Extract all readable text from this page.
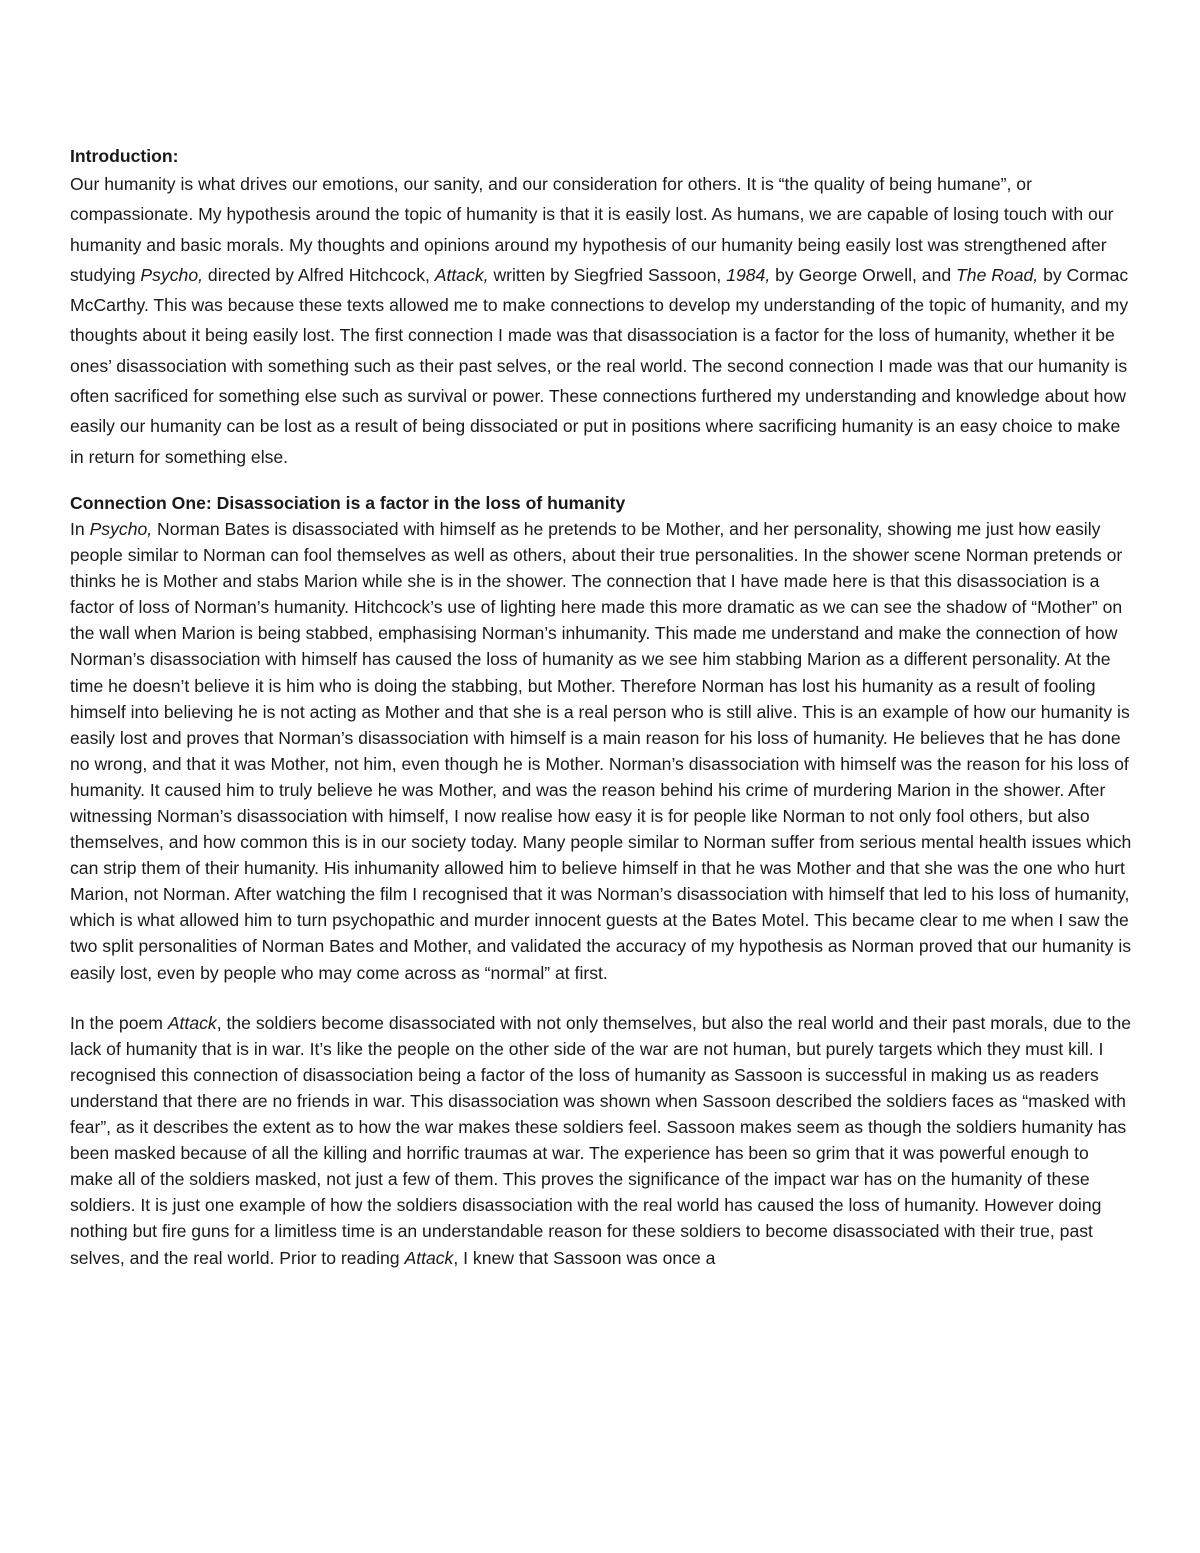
Introduction:

Our humanity is what drives our emotions, our sanity, and our consideration for others. It is “the quality of being humane”, or compassionate. My hypothesis around the topic of humanity is that it is easily lost. As humans, we are capable of losing touch with our humanity and basic morals. My thoughts and opinions around my hypothesis of our humanity being easily lost was strengthened after studying Psycho, directed by Alfred Hitchcock, Attack, written by Siegfried Sassoon, 1984, by George Orwell, and The Road, by Cormac McCarthy. This was because these texts allowed me to make connections to develop my understanding of the topic of humanity, and my thoughts about it being easily lost. The first connection I made was that disassociation is a factor for the loss of humanity, whether it be ones’ disassociation with something such as their past selves, or the real world. The second connection I made was that our humanity is often sacrificed for something else such as survival or power. These connections furthered my understanding and knowledge about how easily our humanity can be lost as a result of being dissociated or put in positions where sacrificing humanity is an easy choice to make in return for something else.

Connection One: Disassociation is a factor in the loss of humanity

In Psycho, Norman Bates is disassociated with himself as he pretends to be Mother, and her personality, showing me just how easily people similar to Norman can fool themselves as well as others, about their true personalities. In the shower scene Norman pretends or thinks he is Mother and stabs Marion while she is in the shower. The connection that I have made here is that this disassociation is a factor of loss of Norman’s humanity. Hitchcock’s use of lighting here made this more dramatic as we can see the shadow of “Mother” on the wall when Marion is being stabbed, emphasising Norman’s inhumanity. This made me understand and make the connection of how Norman’s disassociation with himself has caused the loss of humanity as we see him stabbing Marion as a different personality. At the time he doesn’t believe it is him who is doing the stabbing, but Mother. Therefore Norman has lost his humanity as a result of fooling himself into believing he is not acting as Mother and that she is a real person who is still alive. This is an example of how our humanity is easily lost and proves that Norman’s disassociation with himself is a main reason for his loss of humanity. He believes that he has done no wrong, and that it was Mother, not him, even though he is Mother. Norman’s disassociation with himself was the reason for his loss of humanity. It caused him to truly believe he was Mother, and was the reason behind his crime of murdering Marion in the shower. After witnessing Norman’s disassociation with himself, I now realise how easy it is for people like Norman to not only fool others, but also themselves, and how common this is in our society today. Many people similar to Norman suffer from serious mental health issues which can strip them of their humanity. His inhumanity allowed him to believe himself in that he was Mother and that she was the one who hurt Marion, not Norman. After watching the film I recognised that it was Norman’s disassociation with himself that led to his loss of humanity, which is what allowed him to turn psychopathic and murder innocent guests at the Bates Motel. This became clear to me when I saw the two split personalities of Norman Bates and Mother, and validated the accuracy of my hypothesis as Norman proved that our humanity is easily lost, even by people who may come across as “normal” at first.

In the poem Attack, the soldiers become disassociated with not only themselves, but also the real world and their past morals, due to the lack of humanity that is in war. It’s like the people on the other side of the war are not human, but purely targets which they must kill. I recognised this connection of disassociation being a factor of the loss of humanity as Sassoon is successful in making us as readers understand that there are no friends in war. This disassociation was shown when Sassoon described the soldiers faces as “masked with fear”, as it describes the extent as to how the war makes these soldiers feel. Sassoon makes seem as though the soldiers humanity has been masked because of all the killing and horrific traumas at war. The experience has been so grim that it was powerful enough to make all of the soldiers masked, not just a few of them. This proves the significance of the impact war has on the humanity of these soldiers. It is just one example of how the soldiers disassociation with the real world has caused the loss of humanity. However doing nothing but fire guns for a limitless time is an understandable reason for these soldiers to become disassociated with their true, past selves, and the real world. Prior to reading Attack, I knew that Sassoon was once a
